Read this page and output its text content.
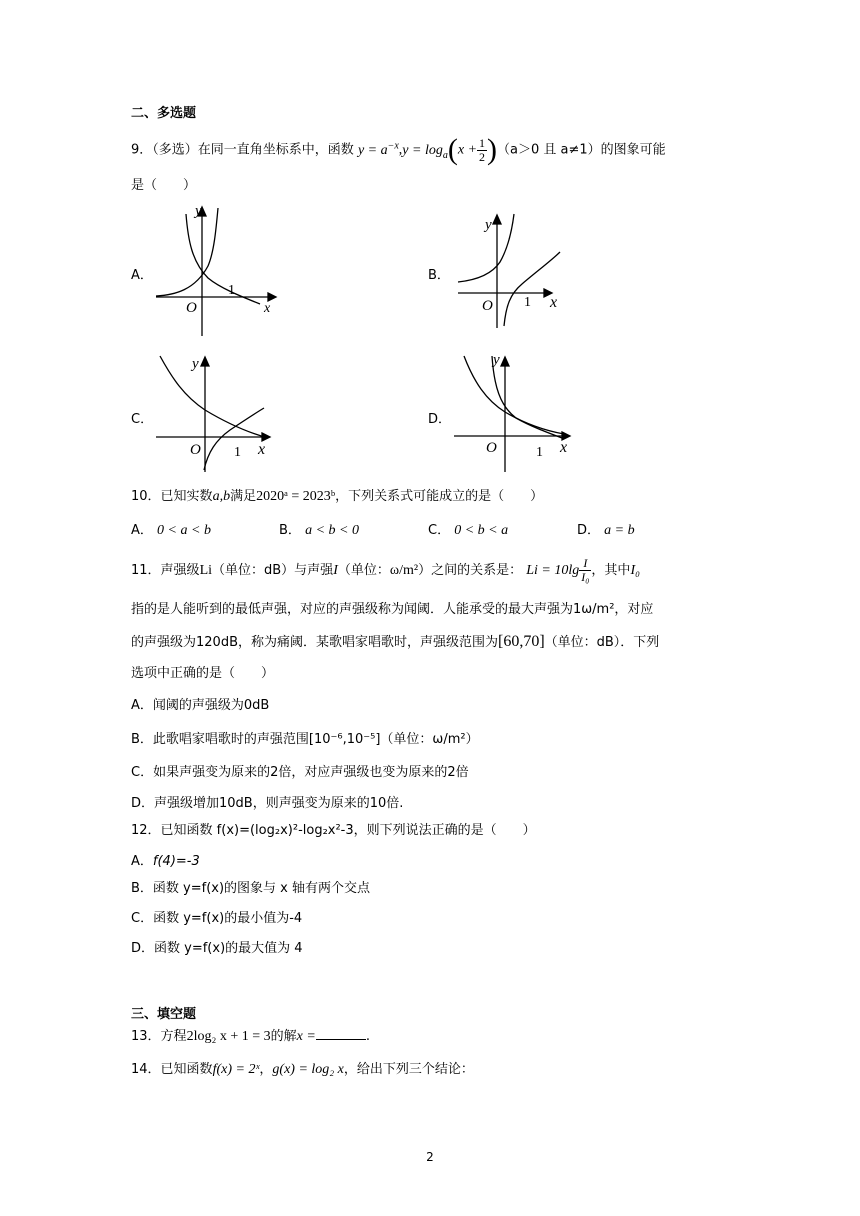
二、多选题
9．（多选）在同一直角坐标系中，函数 $y = a^{-x},y = \log_a(x + \frac{1}{2} )(a>0$ 且 a≠1）的图象可能
是（　　）
A．	B．
C．	D．
x
y
O
1
x
y
O 1
x
y
O 1	x
y
O	1
10．已知实数a,b满足2020ᵃ = 2023ᵇ，下列关系式可能成立的是（　　）
A． 0 < a < b	B． a < b < 0	C． 0 < b < a	D． a = b
11．声强级Li（单位：dB）与声强I（单位：ω/m²）之间的关系是： $Li = 10\lg \frac{I}{\text{I₀}}$ ，其中I₀
指的是人能听到的最低声强，对应的声强级称为闻阈．人能承受的最大声强为1ω/m²，对应
的声强级为120dB，称为痛阈．某歌唱家唱歌时，声强级范围为[60,70]（单位：dB）．下列
选项中正确的是（　　）
A．闻阈的声强级为0dB
B．此歌唱家唱歌时的声强范围[10⁻⁶,10⁻⁵]（单位：ω/m²）
C．如果声强变为原来的2倍，对应声强级也变为原来的2倍
D．声强级增加10dB，则声强变为原来的10倍.
12．已知函数 f(x)=(log₂x)²-log₂x²-3，则下列说法正确的是（　　）
A．f(4)=-3
B．函数 y=f(x)的图象与 x 轴有两个交点
C．函数 y=f(x)的最小值为-4
D．函数 y=f(x)的最大值为 4
三、填空题
13．方程2log₂ x + 1 = 3的解x =	.
14．已知函数f(x) = 2ˣ，g(x) = log₂ x，给出下列三个结论：
2
